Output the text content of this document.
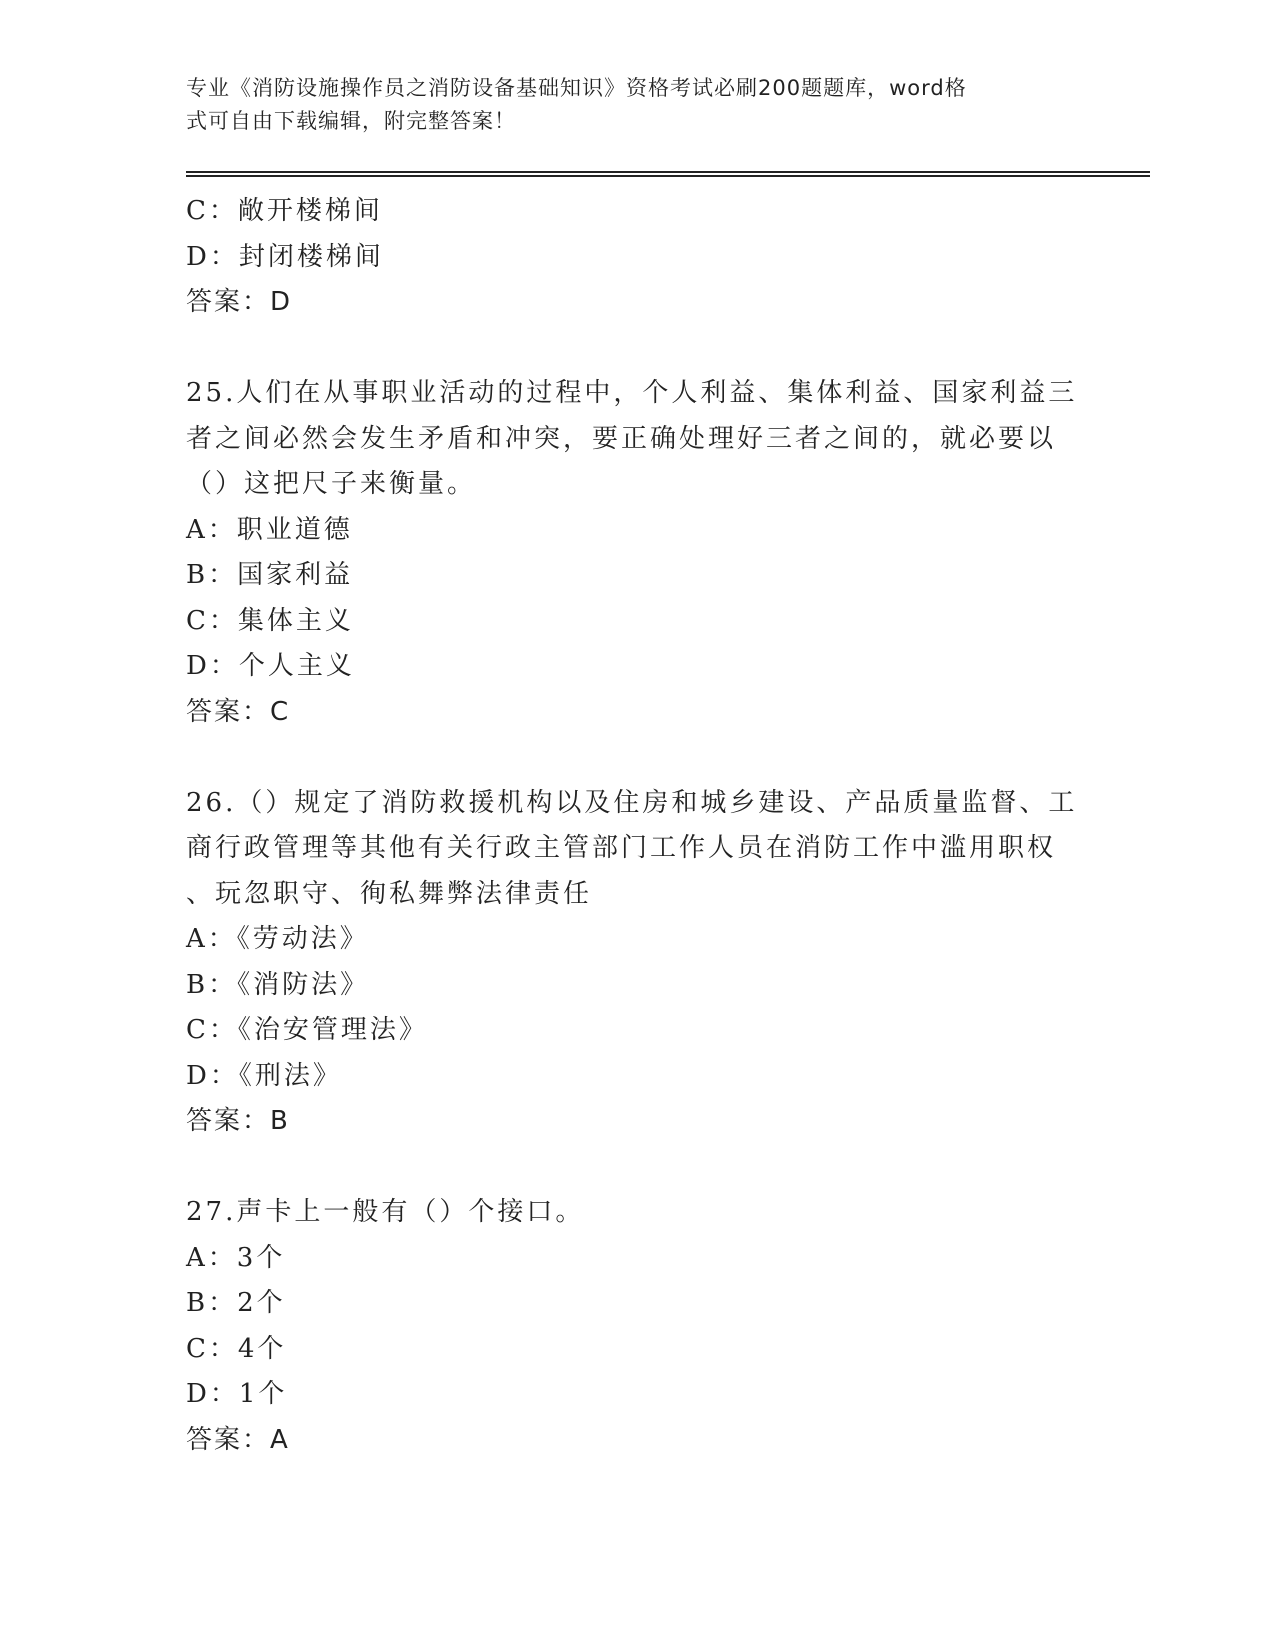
专业《消防设施操作员之消防设备基础知识》资格考试必刷200题题库，word格
式可自由下载编辑，附完整答案！
C：敞开楼梯间
D：封闭楼梯间
答案：D
25.人们在从事职业活动的过程中，个人利益、集体利益、国家利益三
者之间必然会发生矛盾和冲突，要正确处理好三者之间的，就必要以
（）这把尺子来衡量。
A：职业道德
B：国家利益
C：集体主义
D：个人主义
答案：C
26.（）规定了消防救援机构以及住房和城乡建设、产品质量监督、工
商行政管理等其他有关行政主管部门工作人员在消防工作中滥用职权
、玩忽职守、徇私舞弊法律责任
A：《劳动法》
B：《消防法》
C：《治安管理法》
D：《刑法》
答案：B
27.声卡上一般有（）个接口。
A：3个
B：2个
C：4个
D：1个
答案：A
